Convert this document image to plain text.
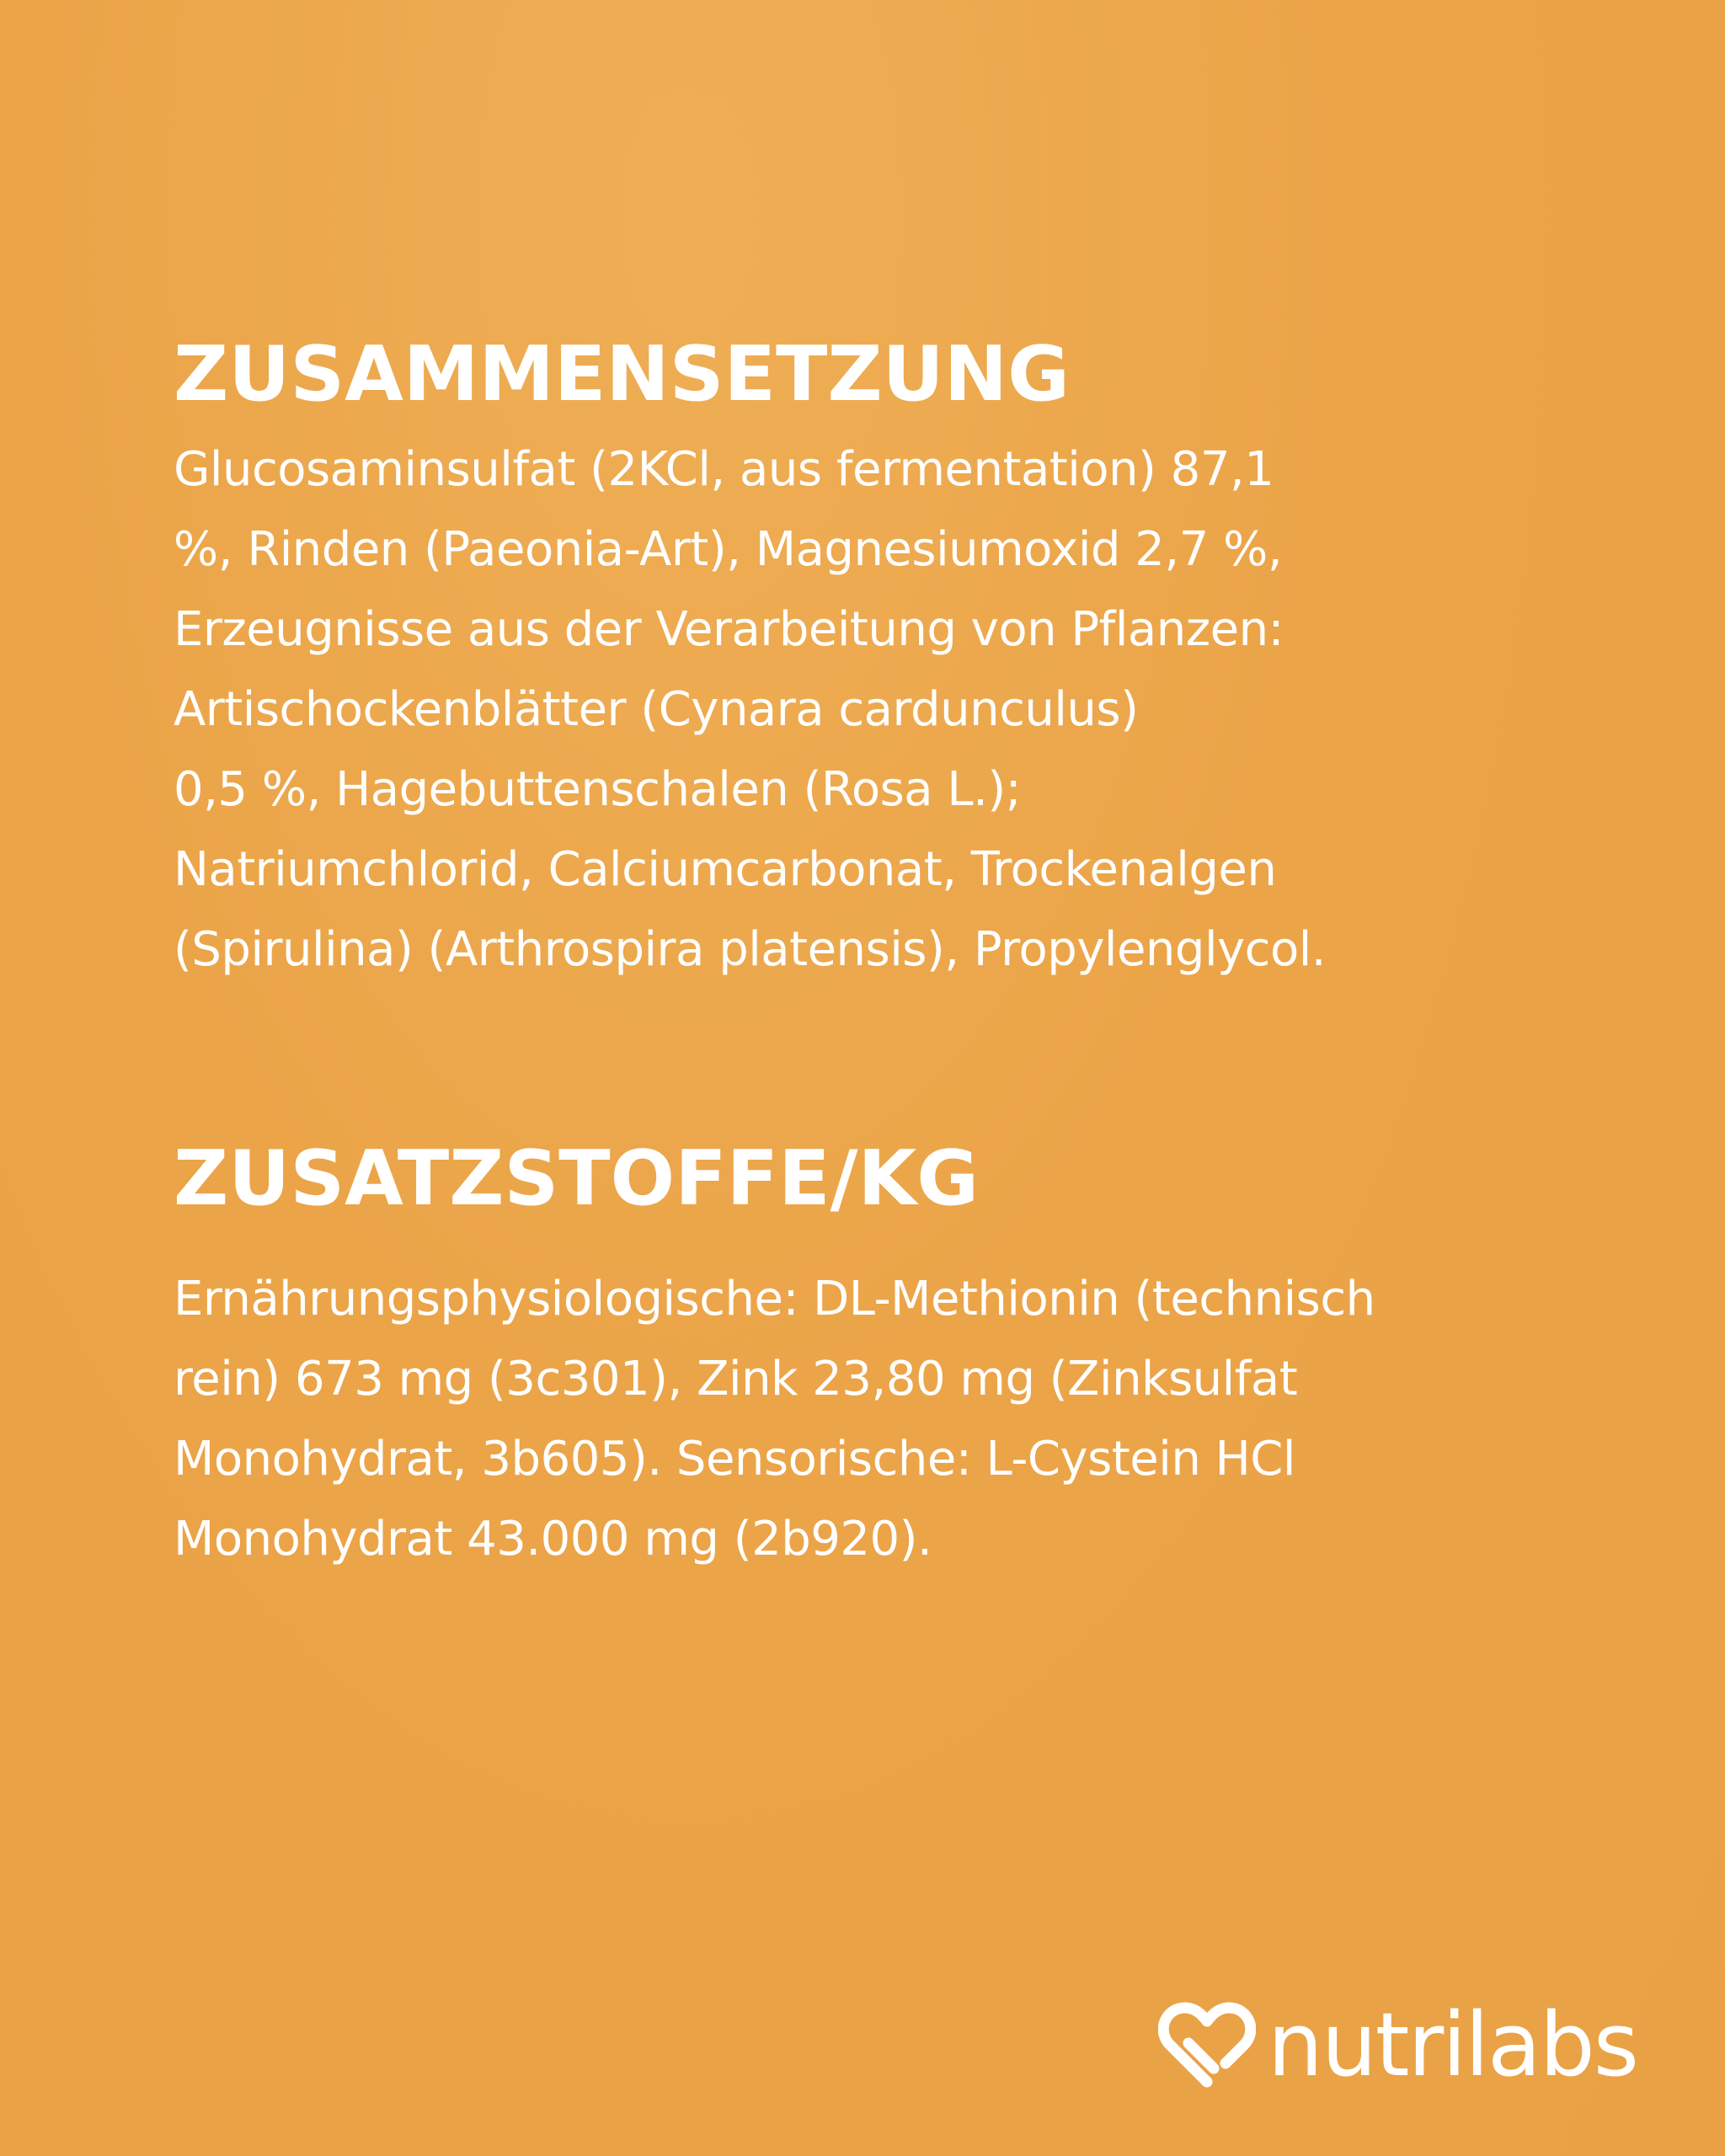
ZUSAMMENSETZUNG
Glucosaminsulfat (2KCl, aus fermentation) 87,1
%, Rinden (Paeonia-Art), Magnesiumoxid 2,7 %,
Erzeugnisse aus der Verarbeitung von Pflanzen:
Artischockenblätter (Cynara cardunculus)
0,5 %, Hagebuttenschalen (Rosa L.);
Natriumchlorid, Calciumcarbonat, Trockenalgen
(Spirulina) (Arthrospira platensis), Propylenglycol.
ZUSATZSTOFFE/KG
Ernährungsphysiologische: DL-Methionin (technisch
rein) 673 mg (3c301), Zink 23,80 mg (Zinksulfat
Monohydrat, 3b605). Sensorische: L-Cystein HCl
Monohydrat 43.000 mg (2b920).
nutrilabs
